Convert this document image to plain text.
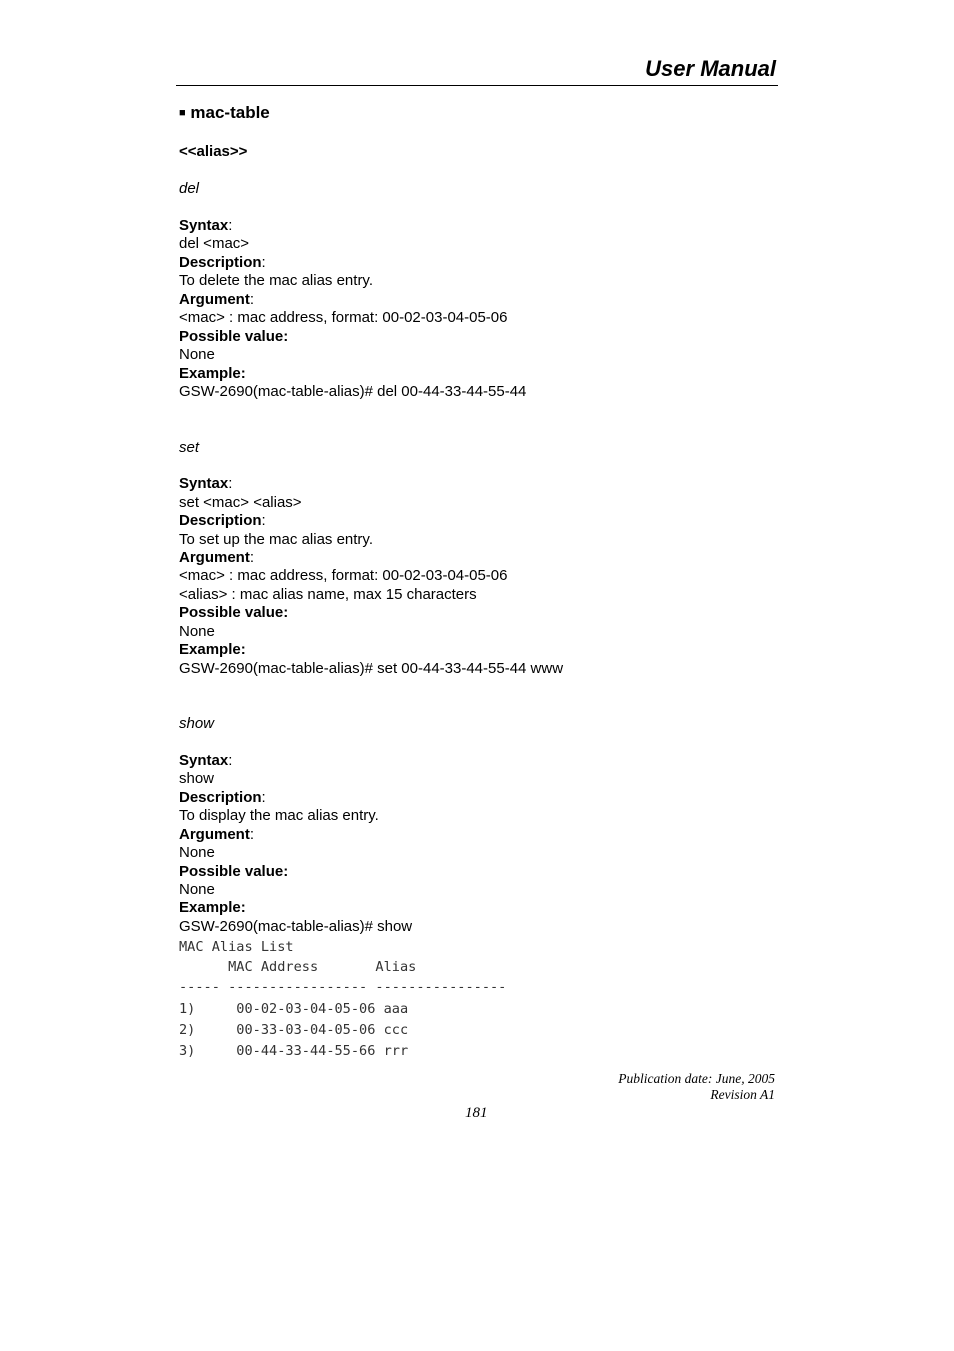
User Manual
■ mac-table
<<alias>>
del
Syntax:
del <mac>
Description:
To delete the mac alias entry.
Argument:
<mac> : mac address, format: 00-02-03-04-05-06
Possible value:
None
Example:
GSW-2690(mac-table-alias)# del 00-44-33-44-55-44
set
Syntax:
set <mac> <alias>
Description:
To set up the mac alias entry.
Argument:
<mac> : mac address, format: 00-02-03-04-05-06
<alias> : mac alias name, max 15 characters
Possible value:
None
Example:
GSW-2690(mac-table-alias)# set 00-44-33-44-55-44 www
show
Syntax:
show
Description:
To display the mac alias entry.
Argument:
None
Possible value:
None
Example:
GSW-2690(mac-table-alias)# show
MAC Alias List
MAC Address       Alias
----- ----------------- ----------------
1)     00-02-03-04-05-06 aaa
2)     00-33-03-04-05-06 ccc
3)     00-44-33-44-55-66 rrr
Publication date: June, 2005
Revision A1
181
